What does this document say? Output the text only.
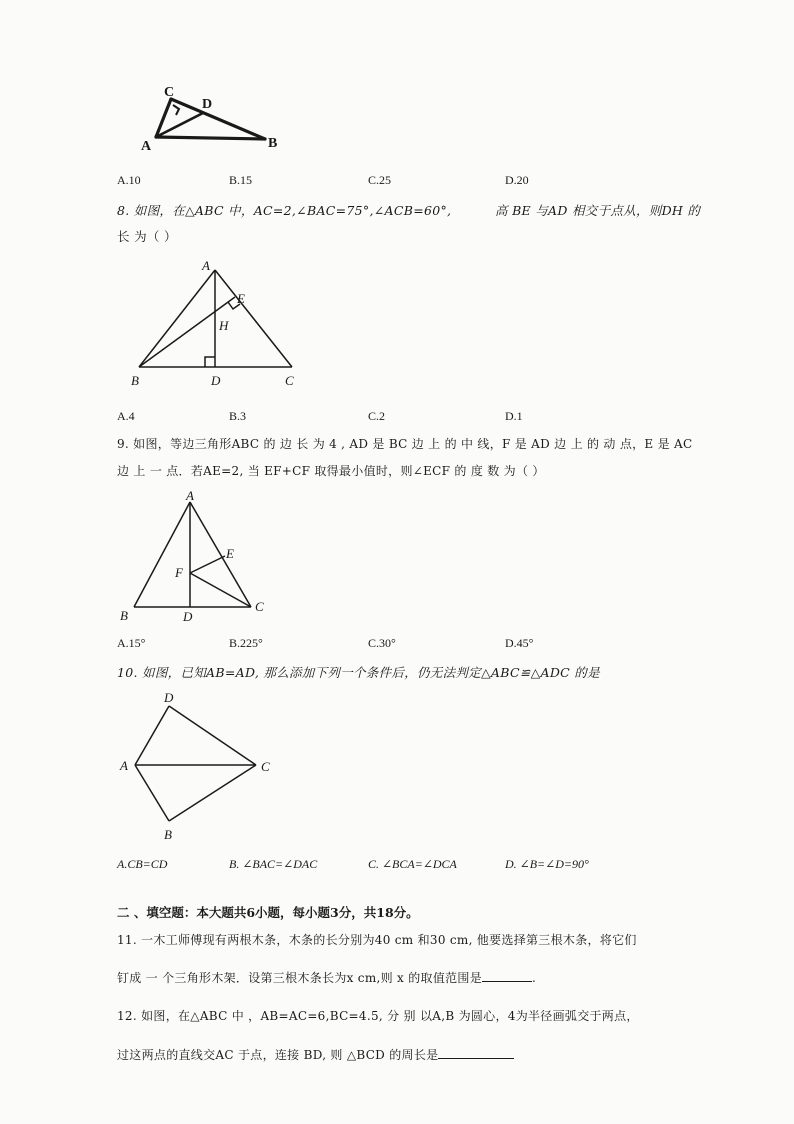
C
D
A	B
A.10	B.15	C.25	D.20
8. 如图，在△ABC 中，AC=2,∠BAC=75°,∠ACB=60°,	高 BE 与AD 相交于点从，则DH 的
长 为（ ）
A
E
H
B	D	C
A.4	B.3	C.2	D.1
9. 如图，等边三角形ABC 的 边 长 为 4 , AD 是 BC 边 上 的 中 线，F 是 AD 边 上 的 动 点，E 是 AC
边 上 一 点．若AE=2, 当 EF+CF 取得最小值时，则∠ECF 的 度 数 为（ ）
A
E
F
B	D
C
A.15°	B.225°	C.30°	D.45°
10. 如图，已知AB=AD, 那么添加下列一个条件后，仍无法判定△ABC≌△ADC 的是
D
A	C
B
A.CB=CD	B. ∠BAC=∠DAC	C. ∠BCA=∠DCA	D. ∠B=∠D=90°
二 、填空题：本大题共6小题，每小题3分，共18分。
11. 一木工师傅现有两根木条，木条的长分别为40 cm 和30 cm, 他要选择第三根木条，将它们
钉成 一 个三角形木架．设第三根木条长为x cm,则 x 的取值范围是	.
12. 如图，在△ABC 中 ，AB=AC=6,BC=4.5, 分 别 以A,B 为圆心，4为半径画弧交于两点，
过这两点的直线交AC 于点，连接 BD, 则 △BCD 的周长是
